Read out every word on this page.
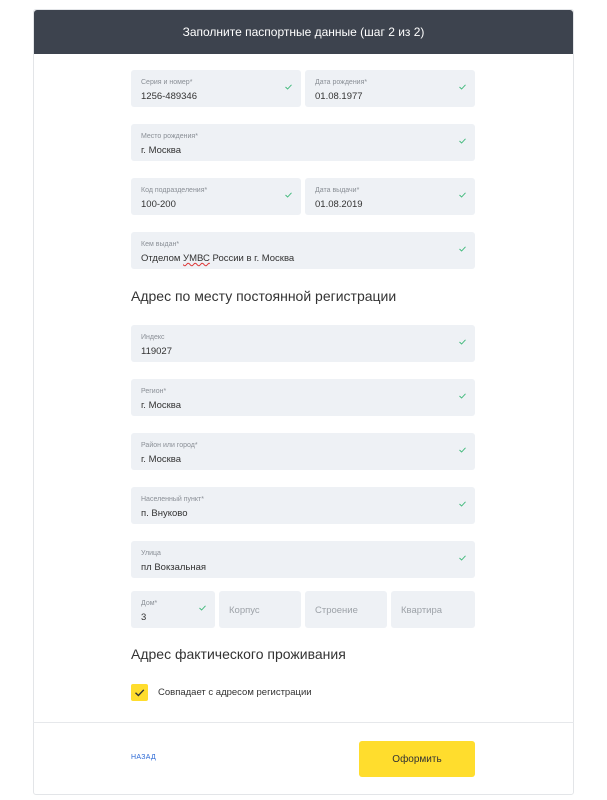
Заполните паспортные данные (шаг 2 из 2)
Серия и номер*
1256-489346
Дата рождения*
01.08.1977
Место рождения*
г. Москва
Код подразделения*
100-200
Дата выдачи*
01.08.2019
Кем выдан*
Отделом УМВС России в г. Москва
Адрес по месту постоянной регистрации
Индекс
119027
Регион*
г. Москва
Район или город*
г. Москва
Населенный пункт*
п. Внуково
Улица
пл Вокзальная
Дом*
3
Корпус	Строение	Квартира
Адрес фактического проживания
Совпадает с адресом регистрации
НАЗАД	Оформить
